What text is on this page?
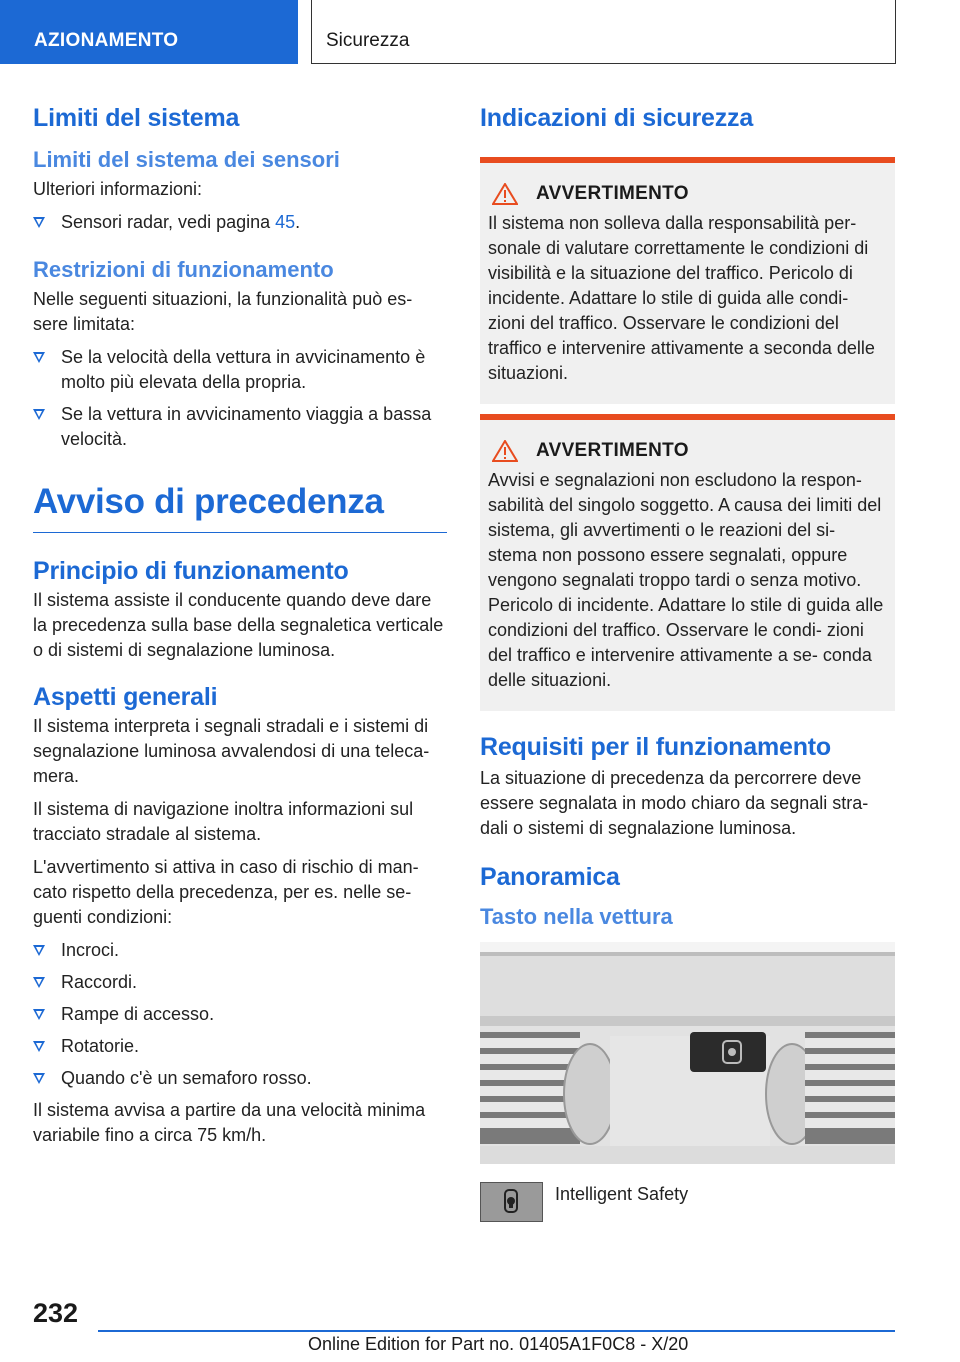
AZIONAMENTO	Sicurezza
Limiti del sistema
Limiti del sistema dei sensori

Ulteriori informazioni:

Sensori radar, vedi pagina 45.
Restrizioni di funzionamento

Nelle seguenti situazioni, la funzionalità può es- sere limitata:

Se la velocità della vettura in avvicinamento è molto più elevata della propria.
Se la vettura in avvicinamento viaggia a bassa velocità.
Avviso di precedenza
Principio di funzionamento

Il sistema assiste il conducente quando deve dare la precedenza sulla base della segnaletica verticale o di sistemi di segnalazione luminosa.

Aspetti generali

Il sistema interpreta i segnali stradali e i sistemi di segnalazione luminosa avvalendosi di una teleca- mera.

Il sistema di navigazione inoltra informazioni sul tracciato stradale al sistema.

L'avvertimento si attiva in caso di rischio di man- cato rispetto della precedenza, per es. nelle se- guenti condizioni:

Incroci.
Raccordi.
Rampe di accesso.
Rotatorie.
Quando c'è un semaforo rosso.

Il sistema avvisa a partire da una velocità minima variabile fino a circa 75 km/h.

Indicazioni di sicurezza
AVVERTIMENTO

Il sistema non solleva dalla responsabilità per- sonale di valutare correttamente le condizioni di visibilità e la situazione del traffico. Pericolo di incidente. Adattare lo stile di guida alle condi- zioni del traffico. Osservare le condizioni del traffico e intervenire attivamente a seconda delle situazioni.

AVVERTIMENTO

Avvisi e segnalazioni non escludono la respon- sabilità del singolo soggetto. A causa dei limiti del sistema, gli avvertimenti o le reazioni del si- stema non possono essere segnalati, oppure vengono segnalati troppo tardi o senza motivo. Pericolo di incidente. Adattare lo stile di guida alle condizioni del traffico. Osservare le condi- zioni del traffico e intervenire attivamente a se- conda delle situazioni.

Requisiti per il funzionamento

La situazione di precedenza da percorrere deve essere segnalata in modo chiaro da segnali stra- dali o sistemi di segnalazione luminosa.

Panoramica
Tasto nella vettura
Intelligent Safety
232
Online Edition for Part no. 01405A1F0C8 - X/20
